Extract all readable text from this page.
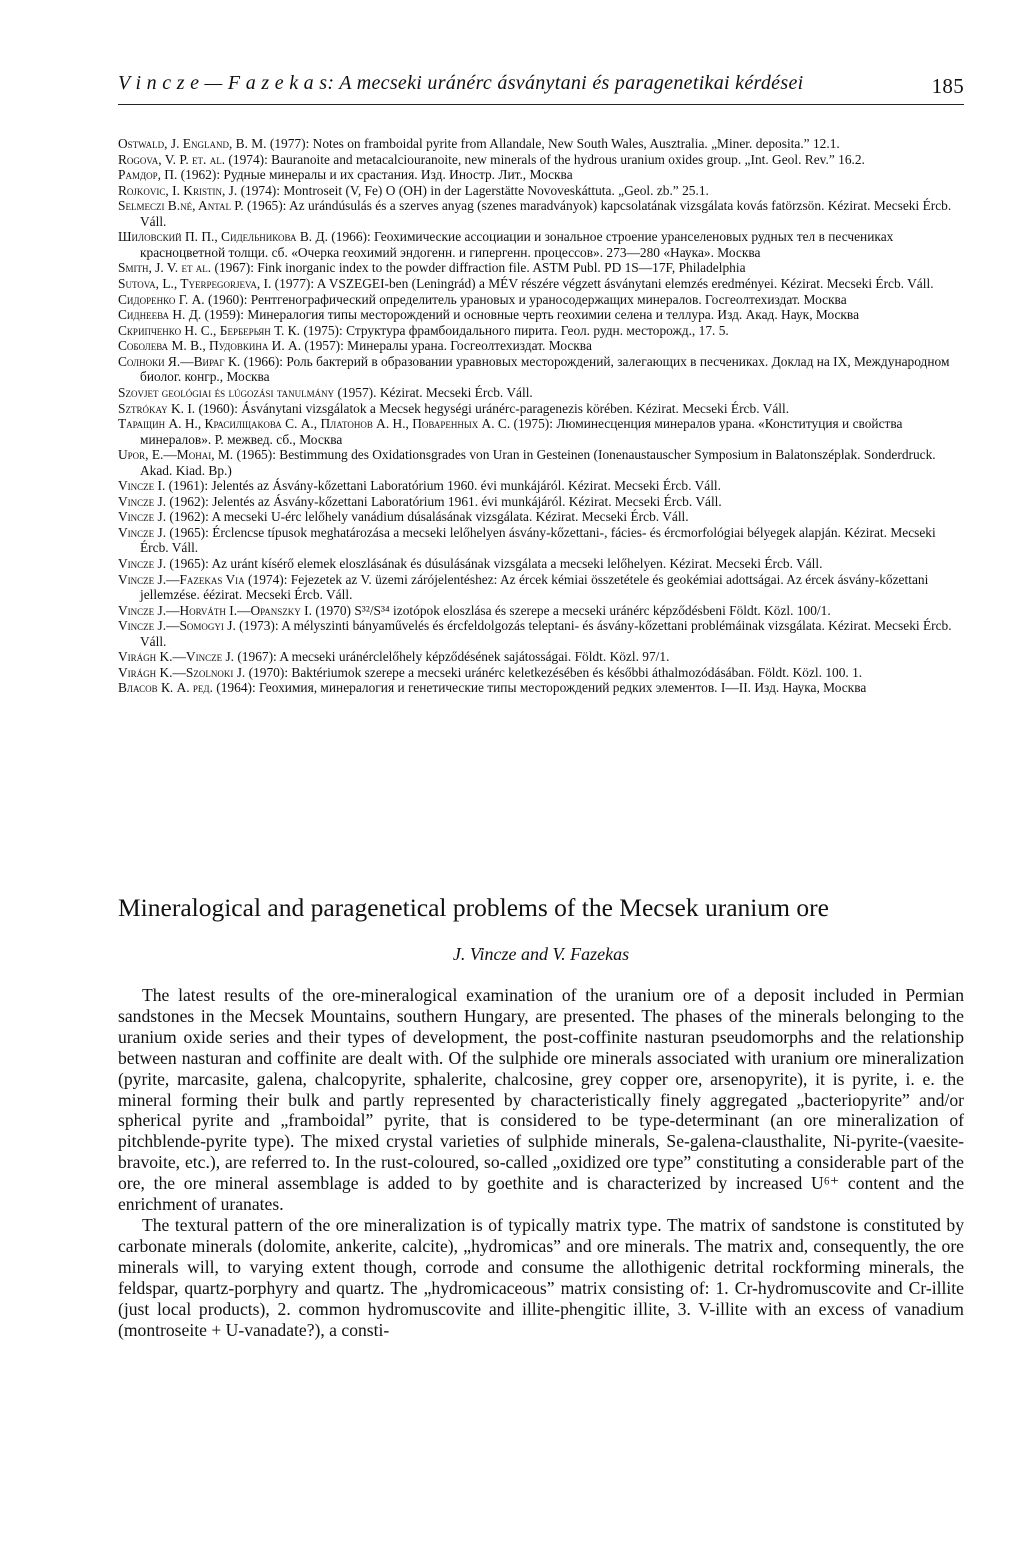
V i n c z e — F a z e k a s: A mecseki uránérc ásványtani és paragenetikai kérdései	185

Ostwald, J. England, B. M. (1977): Notes on framboidal pyrite from Allandale, New South Wales, Ausztralia. „Miner. deposita.” 12.1.

Rogova, V. P. et. al. (1974): Bauranoite and metacalciouranoite, new minerals of the hydrous uranium oxides group. „Int. Geol. Rev.” 16.2.

Рамдор, П. (1962): Рудные минералы и их срастания. Изд. Иностр. Лит., Москва

Rojkovic, I. Kristin, J. (1974): Montroseit (V, Fe) O (OH) in der Lagerstätte Novoveskáttuta. „Geol. zb.” 25.1.

Selmeczi B.né, Antal P. (1965): Az urándúsulás és a szerves anyag (szenes maradványok) kapcsolatának vizsgálata kovás fatörzsön. Kézirat. Mecseki Ércb. Váll.

Шиловский П. П., Сидельникова В. Д. (1966): Геохимические ассоциации и зональное строение уранселеновых рудных тел в песчениках красноцветной толщи. сб. «Очерка геохимий эндогенн. и гипергенн. процессов». 273—280 «Наука». Москва

Smith, J. V. et al. (1967): Fink inorganic index to the powder diffraction file. ASTM Publ. PD 1S—17F, Philadelphia

Sutova, L., Tyerpegorjeva, I. (1977): A VSZEGEI-ben (Leningrád) a MÉV részére végzett ásványtani elemzés eredményei. Kézirat. Mecseki Ércb. Váll.

Сидоренко Г. А. (1960): Рентгенографический определитель урановых и ураносодержащих минералов. Госгеолтехиздат. Москва

Сиднеева Н. Д. (1959): Минералогия типы месторождений и основные черть геохимии селена и теллура. Изд. Акад. Наук, Москва

Скрипченко Н. С., Берберьян Т. К. (1975): Структура фрамбоидального пирита. Геол. рудн. месторожд., 17. 5.

Соболева М. В., Пудовкина И. А. (1957): Минералы урана. Госгеолтехиздат. Москва

Солноки Я.—Вираг К. (1966): Роль бактерий в образовании уравновых месторождений, залегающих в песчениках. Доклад на IX, Международном биолог. конгр., Москва

Szovjet geológiai és lúgozási tanulmány (1957). Kézirat. Mecseki Ércb. Váll.

Sztrókay K. I. (1960): Ásványtani vizsgálatok a Mecsek hegységi uránérc-paragenezis körében. Kézirat. Mecseki Ércb. Váll.

Таращин А. Н., Красилщакова С. А., Платонов А. Н., Поваренных А. С. (1975): Люминесценция минералов урана. «Конституция и свойства минералов». Р. межвед. сб., Москва

Upor, E.—Mohai, M. (1965): Bestimmung des Oxidationsgrades von Uran in Gesteinen (Ionenaustauscher Symposium in Balatonszéplak. Sonderdruck. Akad. Kiad. Bp.)

Vincze I. (1961): Jelentés az Ásvány-kőzettani Laboratórium 1960. évi munkájáról. Kézirat. Mecseki Ércb. Váll.

Vincze J. (1962): Jelentés az Ásvány-kőzettani Laboratórium 1961. évi munkájáról. Kézirat. Mecseki Ércb. Váll.

Vincze J. (1962): A mecseki U-érc lelőhely vanádium dúsalásának vizsgálata. Kézirat. Mecseki Ércb. Váll.

Vincze J. (1965): Érclencse típusok meghatározása a mecseki lelőhelyen ásvány-kőzettani-, fácies- és ércmorfológiai bélyegek alapján. Kézirat. Mecseki Ércb. Váll.

Vincze J. (1965): Az uránt kísérő elemek eloszlásának és dúsulásának vizsgálata a mecseki lelőhelyen. Kézirat. Mecseki Ércb. Váll.

Vincze J.—Fazekas Via (1974): Fejezetek az V. üzemi zárójelentéshez: Az ércek kémiai összetétele és geokémiai adottságai. Az ércek ásvány-kőzettani jellemzése. éézirat. Mecseki Ércb. Váll.

Vincze J.—Horváth I.—Opanszky I. (1970) S³²/S³⁴ izotópok eloszlása és szerepe a mecseki uránérc képződésbeni Földt. Közl. 100/1.

Vincze J.—Somogyi J. (1973): A mélyszinti bányaművelés és ércfeldolgozás teleptani- és ásvány-kőzettani problémáinak vizsgálata. Kézirat. Mecseki Ércb. Váll.

Virágh K.—Vincze J. (1967): A mecseki uránérclelőhely képződésének sajátosságai. Földt. Közl. 97/1.

Virágh K.—Szolnoki J. (1970): Baktériumok szerepe a mecseki uránérc keletkezésében és későbbi áthalmozódásában. Földt. Közl. 100. 1.

Власов К. А. ред. (1964): Геохимия, минералогия и генетические типы месторождений редких элементов. I—II. Изд. Наука, Москва

Mineralogical and paragenetical problems of the Mecsek uranium ore
J. Vincze and V. Fazekas

The latest results of the ore-mineralogical examination of the uranium ore of a deposit included in Permian sandstones in the Mecsek Mountains, southern Hungary, are presented. The phases of the minerals belonging to the uranium oxide series and their types of development, the post-coffinite nasturan pseudomorphs and the relationship between nasturan and coffinite are dealt with. Of the sulphide ore minerals associated with uranium ore mineralization (pyrite, marcasite, galena, chalcopyrite, sphalerite, chalcosine, grey copper ore, arsenopyrite), it is pyrite, i. e. the mineral forming their bulk and partly represented by characteristically finely aggregated „bacteriopyrite” and/or spherical pyrite and „framboidal” pyrite, that is considered to be type-determinant (an ore mineralization of pitchblende-pyrite type). The mixed crystal varieties of sulphide minerals, Se-galena-clausthalite, Ni-pyrite-(vaesite-bravoite, etc.), are referred to. In the rust-coloured, so-called „oxidized ore type” constituting a considerable part of the ore, the ore mineral assemblage is added to by goethite and is characterized by increased U⁶⁺ content and the enrichment of uranates.

The textural pattern of the ore mineralization is of typically matrix type. The matrix of sandstone is constituted by carbonate minerals (dolomite, ankerite, calcite), „hydromicas” and ore minerals. The matrix and, consequently, the ore minerals will, to varying extent though, corrode and consume the allothigenic detrital rockforming minerals, the feldspar, quartz-porphyry and quartz. The „hydromicaceous” matrix consisting of: 1. Cr-hydromuscovite and Cr-illite (just local products), 2. common hydromuscovite and illite-phengitic illite, 3. V-illite with an excess of vanadium (montroseite + U-vanadate?), a consti-
